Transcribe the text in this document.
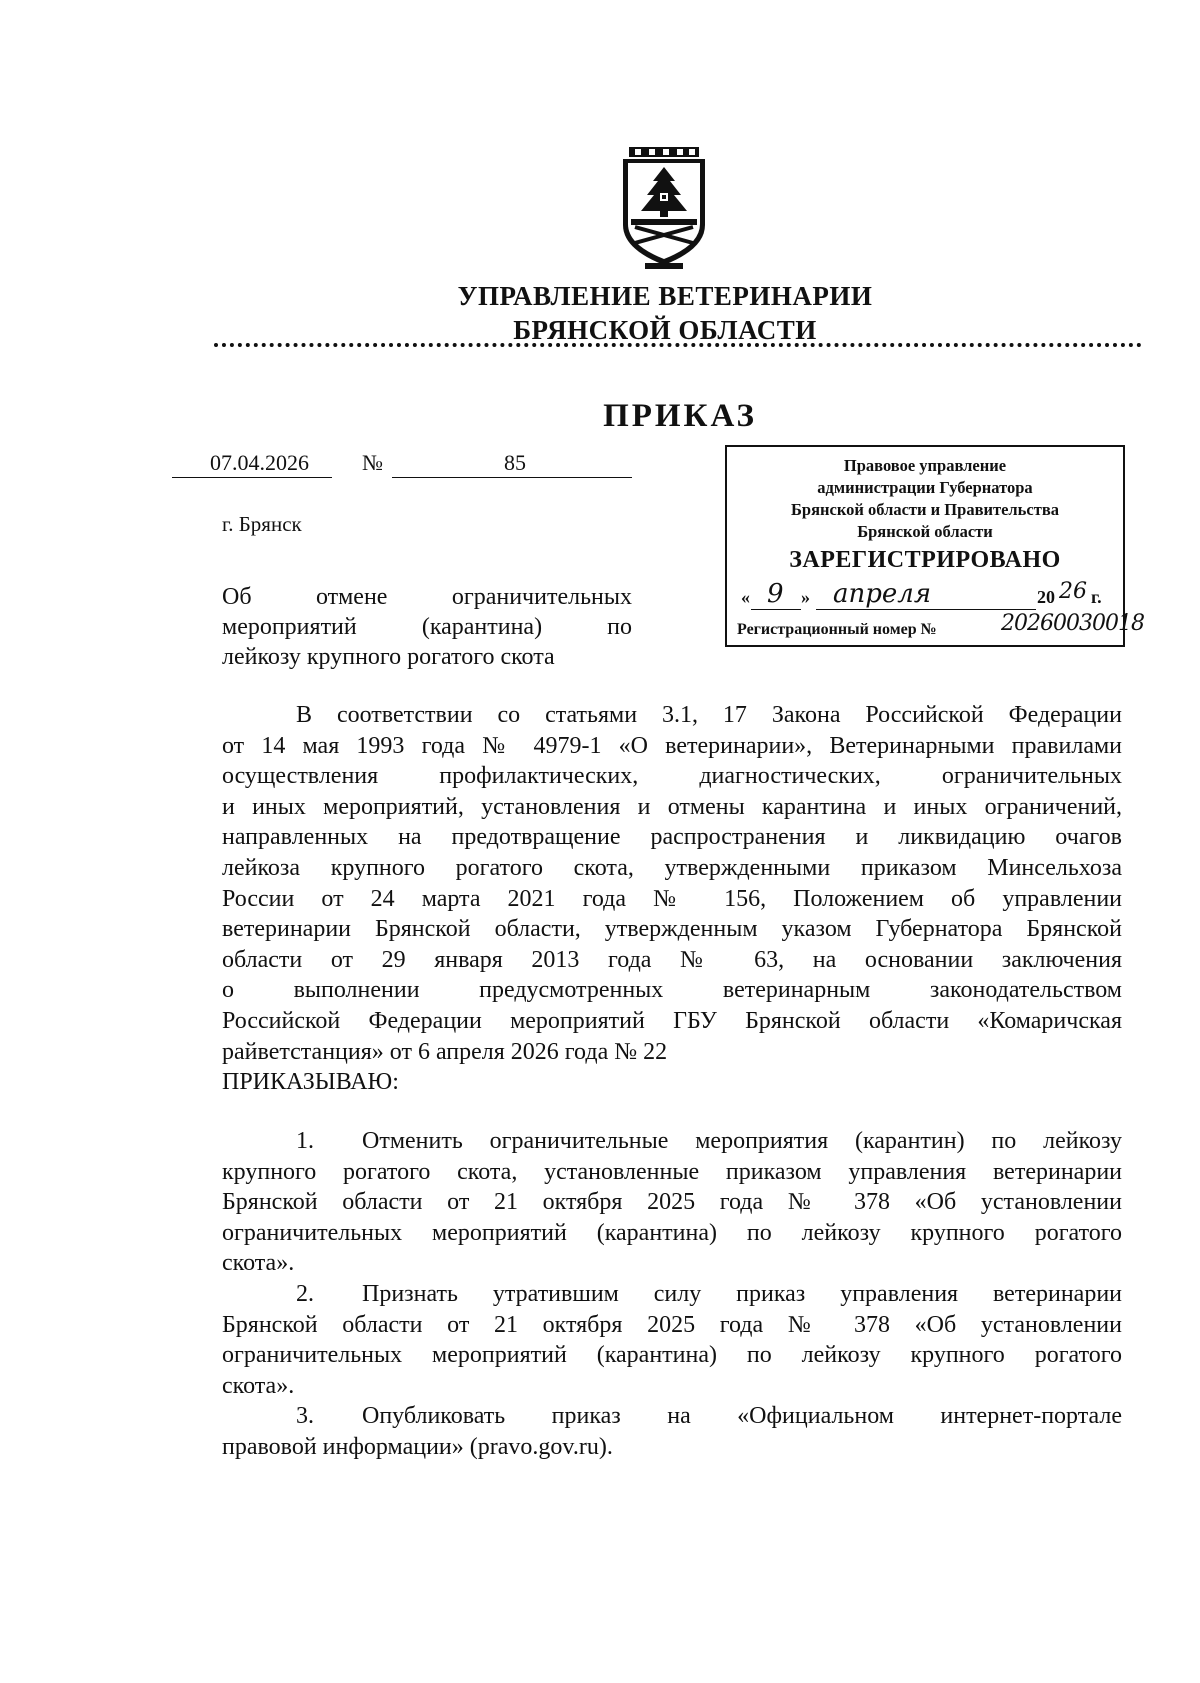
УПРАВЛЕНИЕ ВЕТЕРИНАРИИ
БРЯНСКОЙ ОБЛАСТИ
ПРИКАЗ
07.04.2026 №	85
г. Брянск
Правовое управление
администрации Губернатора
Брянской области и Правительства
Брянской области
ЗАРЕГИСТРИРОВАНО
« 9 » апреля	20 26 г.
Регистрационный номер №	20260030018
Об отмене ограничительных
мероприятий (карантина) по
лейкозу крупного рогатого скота
В соответствии со статьями 3.1, 17 Закона Российской Федерации
от 14 мая 1993 года № 4979-1 «О ветеринарии», Ветеринарными правилами
осуществления профилактических, диагностических, ограничительных
и иных мероприятий, установления и отмены карантина и иных ограничений,
направленных на предотвращение распространения и ликвидацию очагов
лейкоза крупного рогатого скота, утвержденными приказом Минсельхоза
России от 24 марта 2021 года № 156, Положением об управлении
ветеринарии Брянской области, утвержденным указом Губернатора Брянской
области от 29 января 2013 года № 63, на основании заключения
о выполнении предусмотренных ветеринарным законодательством
Российской Федерации мероприятий ГБУ Брянской области «Комаричская
райветстанция» от 6 апреля 2026 года № 22
ПРИКАЗЫВАЮ:
1. Отменить ограничительные мероприятия (карантин) по лейкозу
крупного рогатого скота, установленные приказом управления ветеринарии
Брянской области от 21 октября 2025 года № 378 «Об установлении
ограничительных мероприятий (карантина) по лейкозу крупного рогатого
скота».
2. Признать утратившим силу приказ управления ветеринарии
Брянской области от 21 октября 2025 года № 378 «Об установлении
ограничительных мероприятий (карантина) по лейкозу крупного рогатого
скота».
3. Опубликовать приказ на «Официальном интернет-портале
правовой информации» (pravo.gov.ru).
